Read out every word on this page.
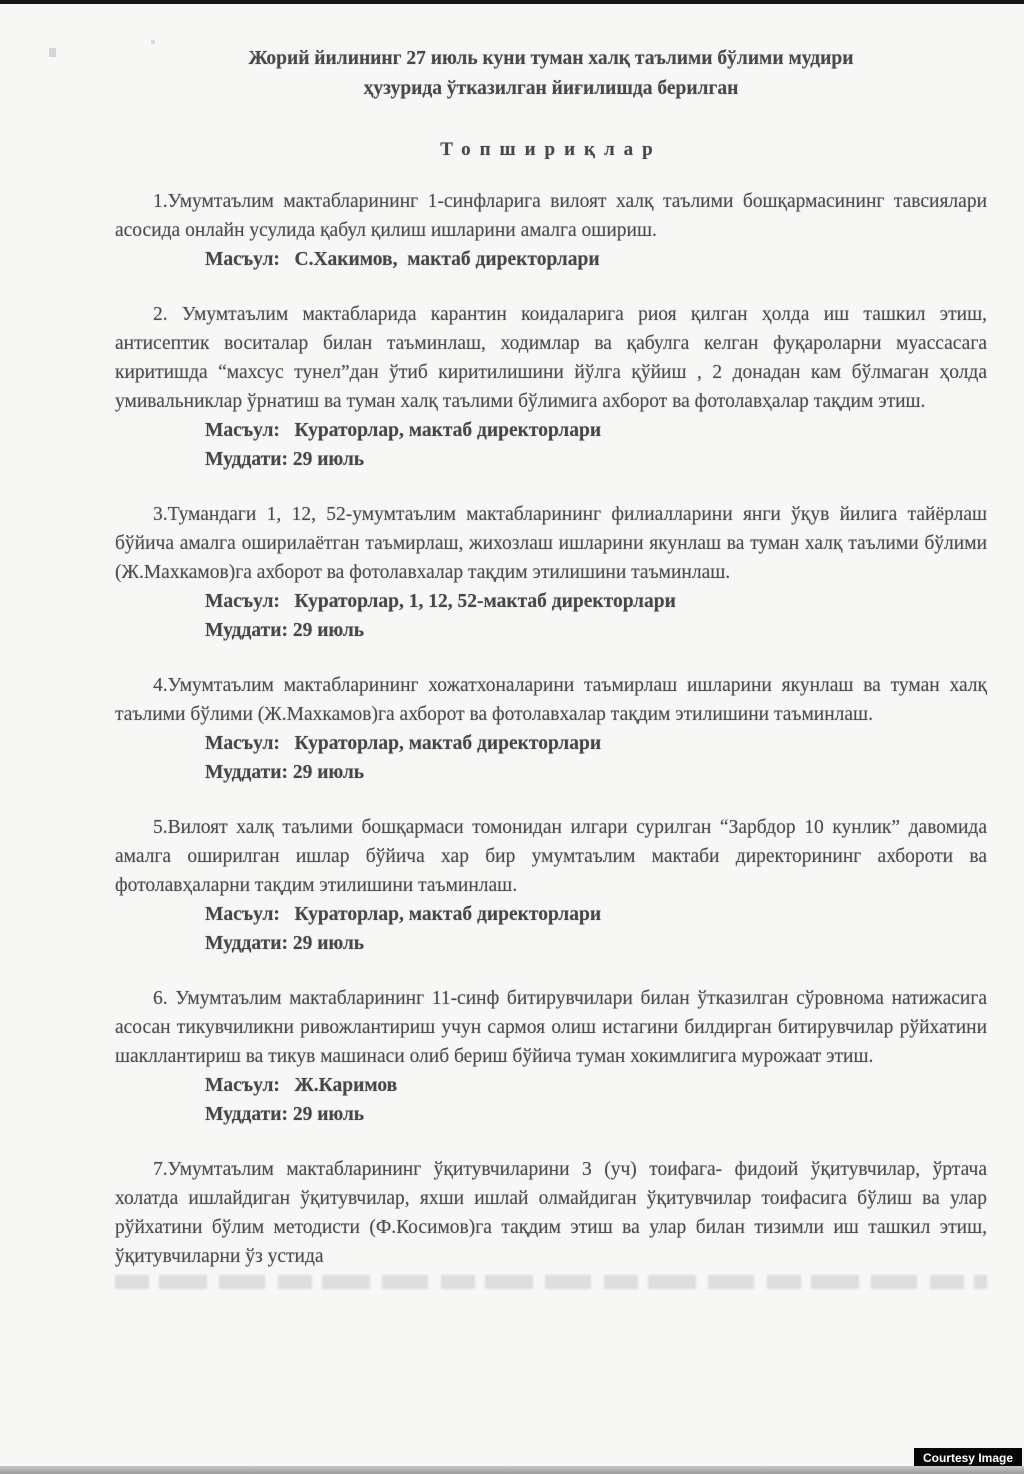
Жорий йилининг 27 июль куни туман халқ таълими бўлими мудири
ҳузурида ўтказилган йиғилишда берилган
Топшириқлар

1.Умумтаълим мактабларининг 1-синфларига вилоят халқ таълими бошқармасининг тавсиялари асосида онлайн усулида қабул қилиш ишларини амалга ошириш.

Масъул:   С.Хакимов,  мактаб директорлари

2. Умумтаълим мактабларида карантин коидаларига риоя қилган ҳолда иш ташкил этиш, антисептик воситалар билан таъминлаш, ходимлар ва қабулга келган фуқароларни муассасага киритишда “махсус тунел”дан ўтиб киритилишини йўлга қўйиш , 2 донадан кам бўлмаган ҳолда умивальниклар ўрнатиш ва туман халқ таълими бўлимига ахборот ва фотолавҳалар тақдим этиш.

Масъул:   Кураторлар, мактаб директорлари

Муддати: 29 июль

3.Тумандаги 1, 12, 52-умумтаълим мактабларининг филиалларини янги ўқув йилига тайёрлаш бўйича амалга оширилаётган таъмирлаш, жихозлаш ишларини якунлаш ва туман халқ таълими бўлими (Ж.Махкамов)га ахборот ва фотолавхалар тақдим этилишини таъминлаш.

Масъул:   Кураторлар, 1, 12, 52-мактаб директорлари

Муддати: 29 июль

4.Умумтаълим мактабларининг хожатхоналарини таъмирлаш ишларини якунлаш ва туман халқ таълими бўлими (Ж.Махкамов)га ахборот ва фотолавхалар тақдим этилишини таъминлаш.

Масъул:   Кураторлар, мактаб директорлари

Муддати: 29 июль

5.Вилоят халқ таълими бошқармаси томонидан илгари сурилган “Зарбдор 10 кунлик” давомида амалга оширилган ишлар бўйича хар бир умумтаълим мактаби директорининг ахбороти ва фотолавҳаларни тақдим этилишини таъминлаш.

Масъул:   Кураторлар, мактаб директорлари

Муддати: 29 июль

6. Умумтаълим мактабларининг 11-синф битирувчилари билан ўтказилган сўровнома натижасига асосан тикувчиликни ривожлантириш учун сармоя олиш истагини билдирган битирувчилар рўйхатини шакллантириш ва тикув машинаси олиб бериш бўйича туман хокимлигига мурожаат этиш.

Масъул:   Ж.Каримов

Муддати: 29 июль

7.Умумтаълим мактабларининг ўқитувчиларини 3 (уч) тоифага- фидоий ўқитувчилар, ўртача холатда ишлайдиган ўқитувчилар, яхши ишлай олмайдиган ўқитувчилар тоифасига бўлиш ва улар рўйхатини бўлим методисти (Ф.Косимов)га тақдим этиш ва улар билан тизимли иш ташкил этиш, ўқитувчиларни ўз устида

Courtesy Image
